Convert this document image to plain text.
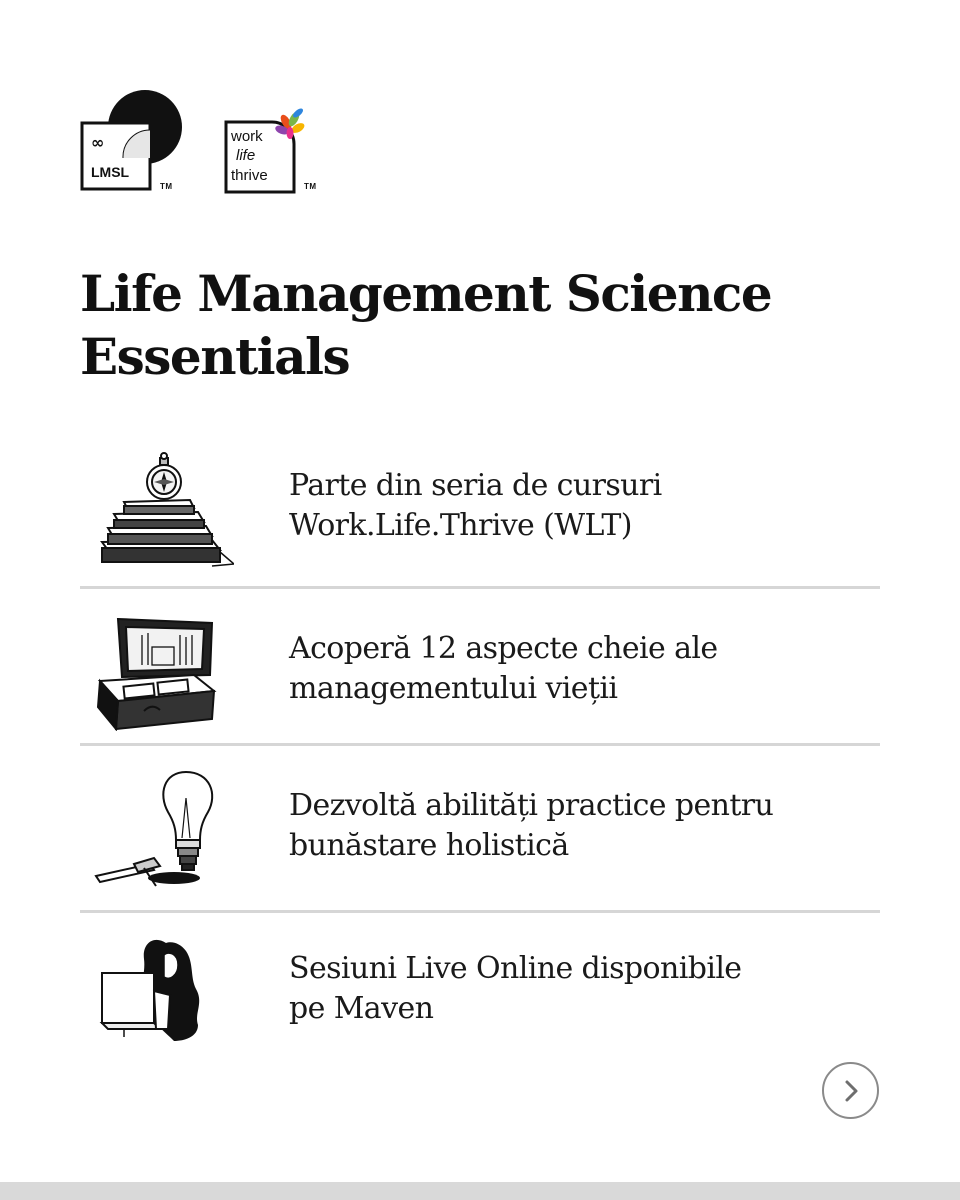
∞
LMSL
TM
work
life
thrive
TM
Life Management Science
Essentials
Parte din seria de cursuri
Work.Life.Thrive (WLT)
Acoperă 12 aspecte cheie ale
managementului vieții
Dezvoltă abilități practice pentru
bunăstare holistică
Sesiuni Live Online disponibile
pe Maven
